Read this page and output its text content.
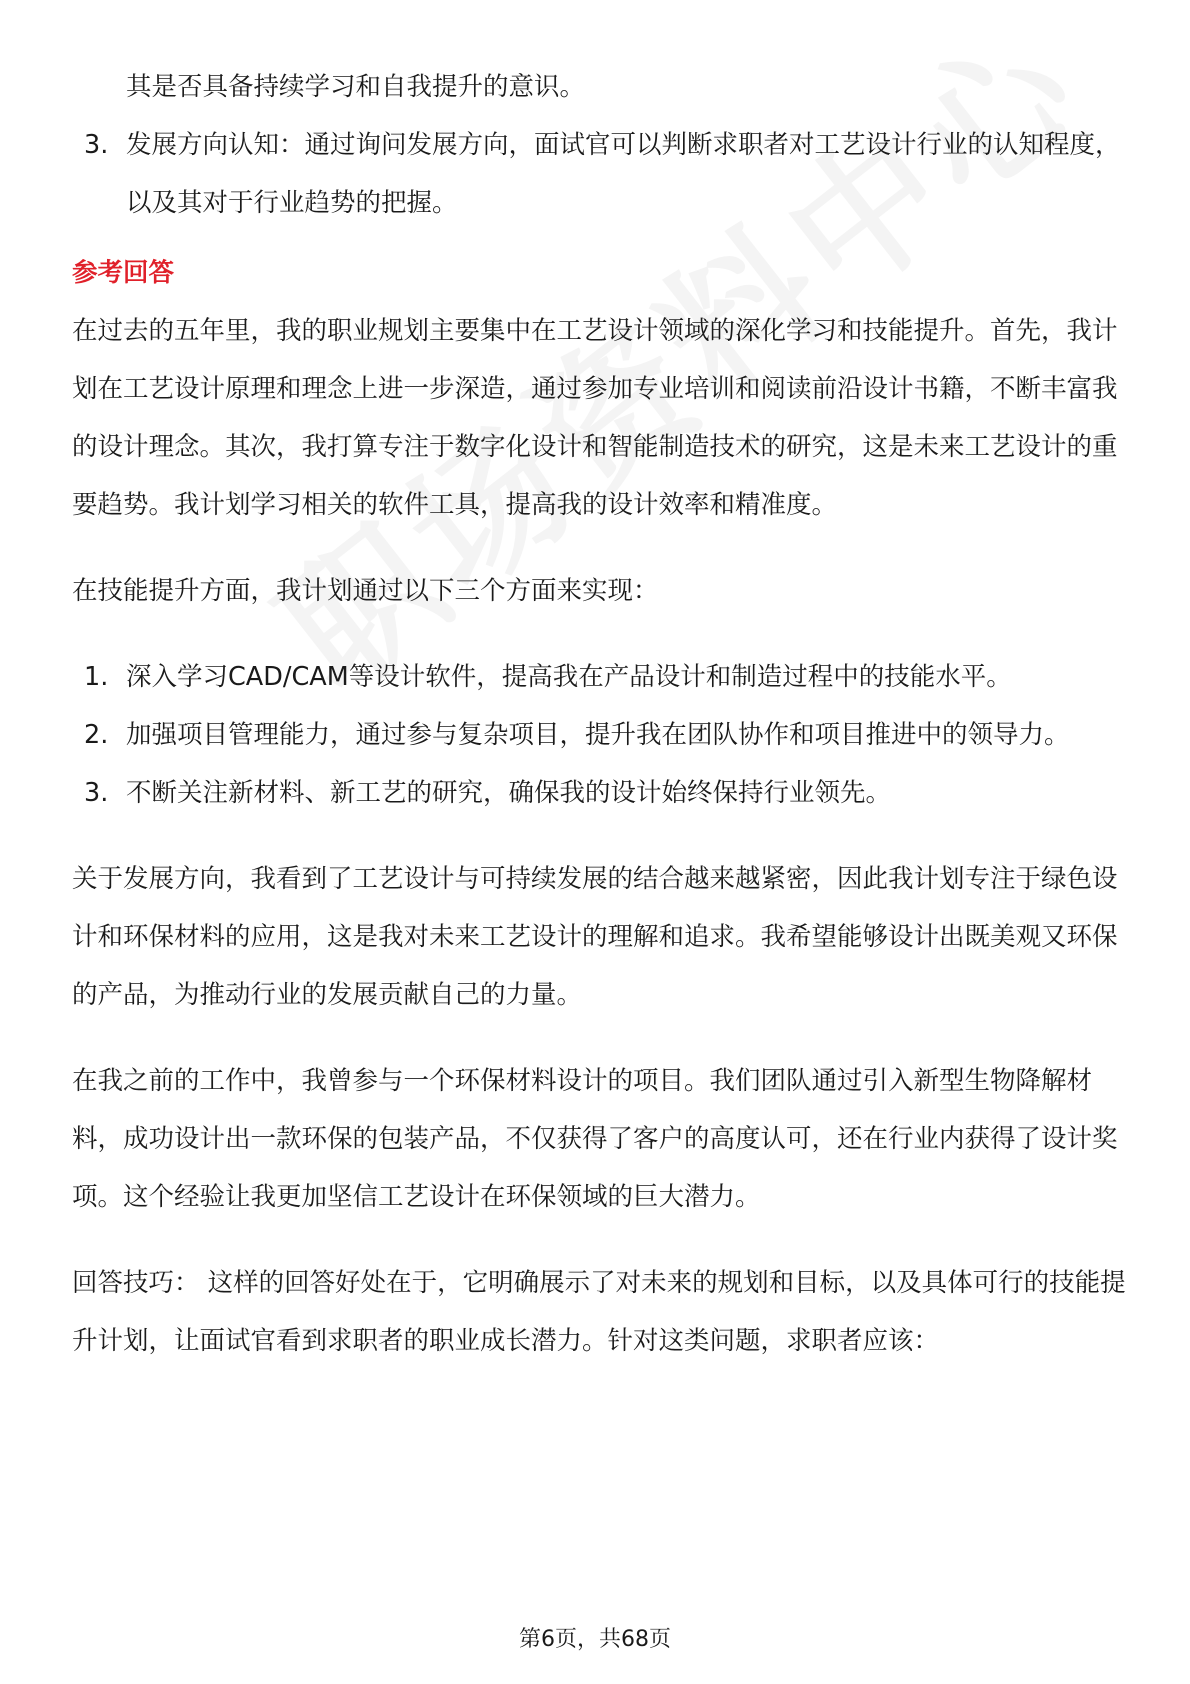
其是否具备持续学习和自我提升的意识。
3. 发展方向认知：通过询问发展方向，面试官可以判断求职者对工艺设计行业的认知程度，以及其对于行业趋势的把握。
参考回答

在过去的五年里，我的职业规划主要集中在工艺设计领域的深化学习和技能提升。首先，我计划在工艺设计原理和理念上进一步深造，通过参加专业培训和阅读前沿设计书籍，不断丰富我的设计理念。其次，我打算专注于数字化设计和智能制造技术的研究，这是未来工艺设计的重要趋势。我计划学习相关的软件工具，提高我的设计效率和精准度。

在技能提升方面，我计划通过以下三个方面来实现：

1. 深入学习CAD/CAM等设计软件，提高我在产品设计和制造过程中的技能水平。
2. 加强项目管理能力，通过参与复杂项目，提升我在团队协作和项目推进中的领导力。
3. 不断关注新材料、新工艺的研究，确保我的设计始终保持行业领先。

关于发展方向，我看到了工艺设计与可持续发展的结合越来越紧密，因此我计划专注于绿色设计和环保材料的应用，这是我对未来工艺设计的理解和追求。我希望能够设计出既美观又环保的产品，为推动行业的发展贡献自己的力量。

在我之前的工作中，我曾参与一个环保材料设计的项目。我们团队通过引入新型生物降解材料，成功设计出一款环保的包装产品，不仅获得了客户的高度认可，还在行业内获得了设计奖项。这个经验让我更加坚信工艺设计在环保领域的巨大潜力。

回答技巧： 这样的回答好处在于，它明确展示了对未来的规划和目标，以及具体可行的技能提升计划，让面试官看到求职者的职业成长潜力。针对这类问题，求职者应该：

第6页，共68页
